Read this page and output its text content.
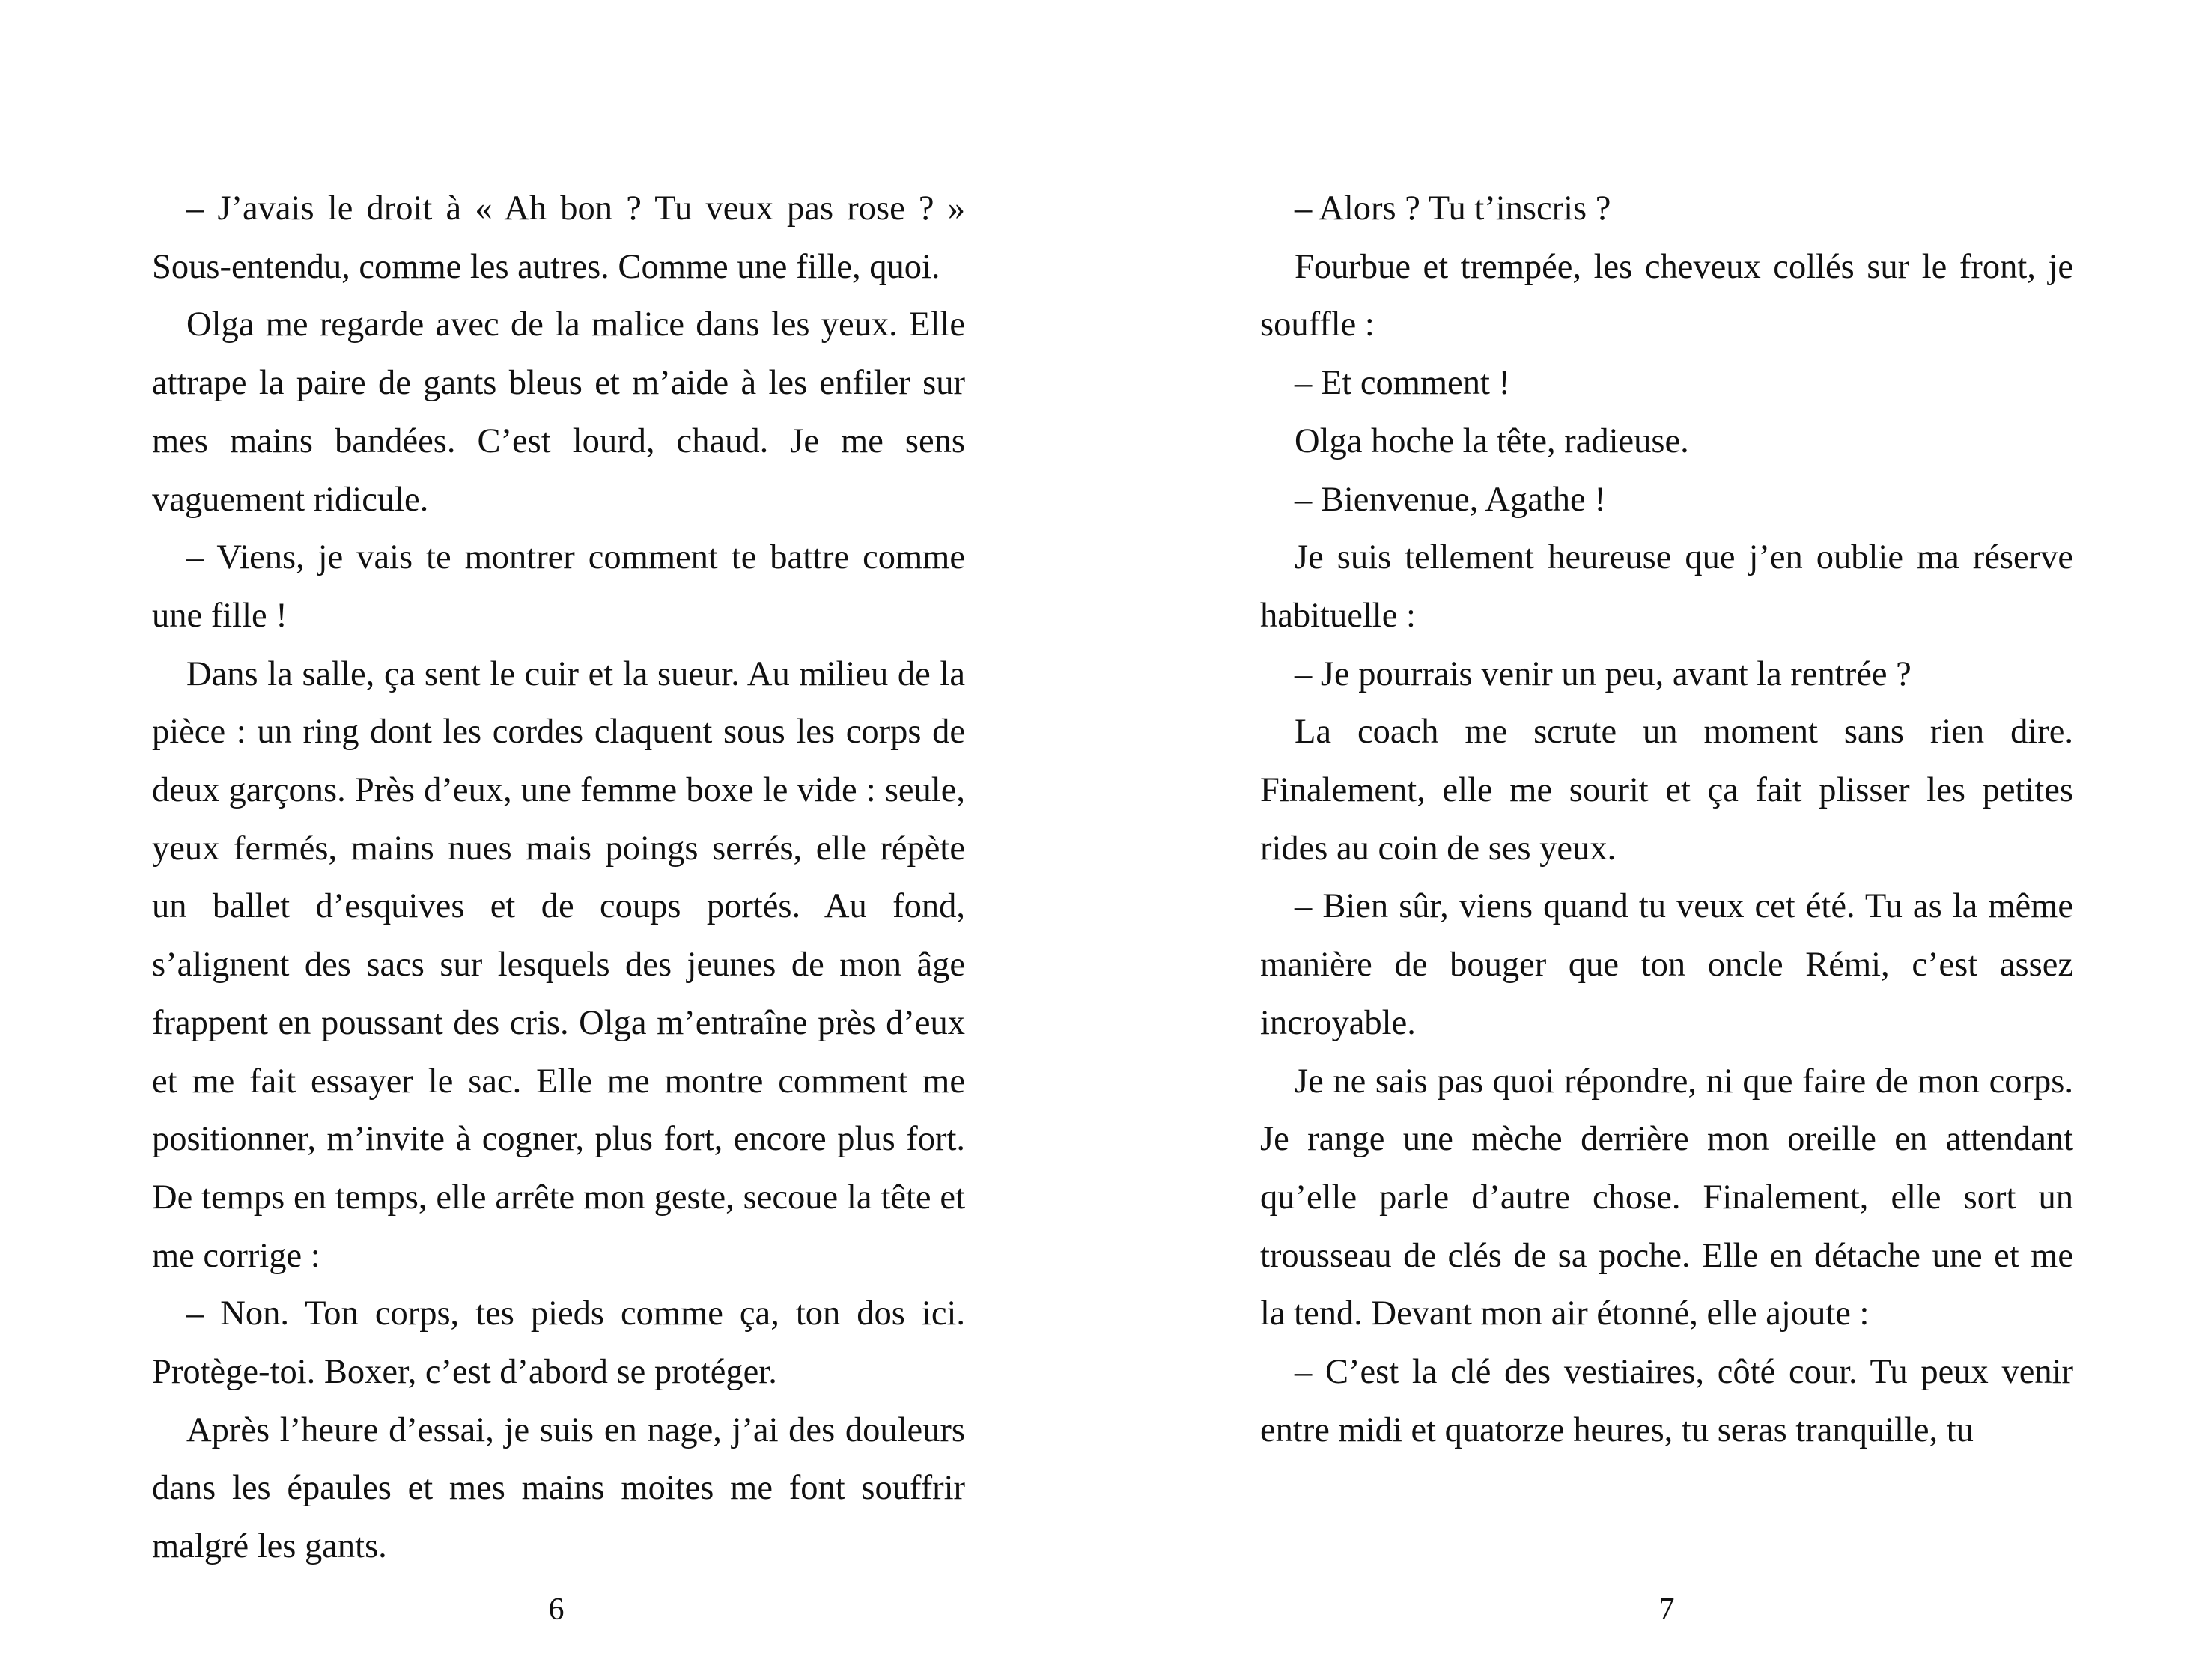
– J’avais le droit à « Ah bon ? Tu veux pas rose ? » Sous-entendu, comme les autres. Comme une fille, quoi.

Olga me regarde avec de la malice dans les yeux. Elle attrape la paire de gants bleus et m’aide à les enfiler sur mes mains bandées. C’est lourd, chaud. Je me sens vaguement ridicule.

– Viens, je vais te montrer comment te battre comme une fille !

Dans la salle, ça sent le cuir et la sueur. Au milieu de la pièce : un ring dont les cordes claquent sous les corps de deux garçons. Près d’eux, une femme boxe le vide : seule, yeux fermés, mains nues mais poings serrés, elle répète un ballet d’esquives et de coups portés. Au fond, s’alignent des sacs sur lesquels des jeunes de mon âge frappent en poussant des cris. Olga m’entraîne près d’eux et me fait essayer le sac. Elle me montre comment me positionner, m’invite à cogner, plus fort, encore plus fort. De temps en temps, elle arrête mon geste, secoue la tête et me corrige :

– Non. Ton corps, tes pieds comme ça, ton dos ici. Protège-toi. Boxer, c’est d’abord se protéger.

Après l’heure d’essai, je suis en nage, j’ai des douleurs dans les épaules et mes mains moites me font souffrir malgré les gants.

6

– Alors ? Tu t’inscris ?

Fourbue et trempée, les cheveux collés sur le front, je souffle :

– Et comment !

Olga hoche la tête, radieuse.

– Bienvenue, Agathe !

Je suis tellement heureuse que j’en oublie ma réserve habituelle :

– Je pourrais venir un peu, avant la rentrée ?

La coach me scrute un moment sans rien dire. Finalement, elle me sourit et ça fait plisser les petites rides au coin de ses yeux.

– Bien sûr, viens quand tu veux cet été. Tu as la même manière de bouger que ton oncle Rémi, c’est assez incroyable.

Je ne sais pas quoi répondre, ni que faire de mon corps. Je range une mèche derrière mon oreille en attendant qu’elle parle d’autre chose. Finalement, elle sort un trousseau de clés de sa poche. Elle en détache une et me la tend. Devant mon air étonné, elle ajoute :

– C’est la clé des vestiaires, côté cour. Tu peux venir entre midi et quatorze heures, tu seras tranquille, tu

7
